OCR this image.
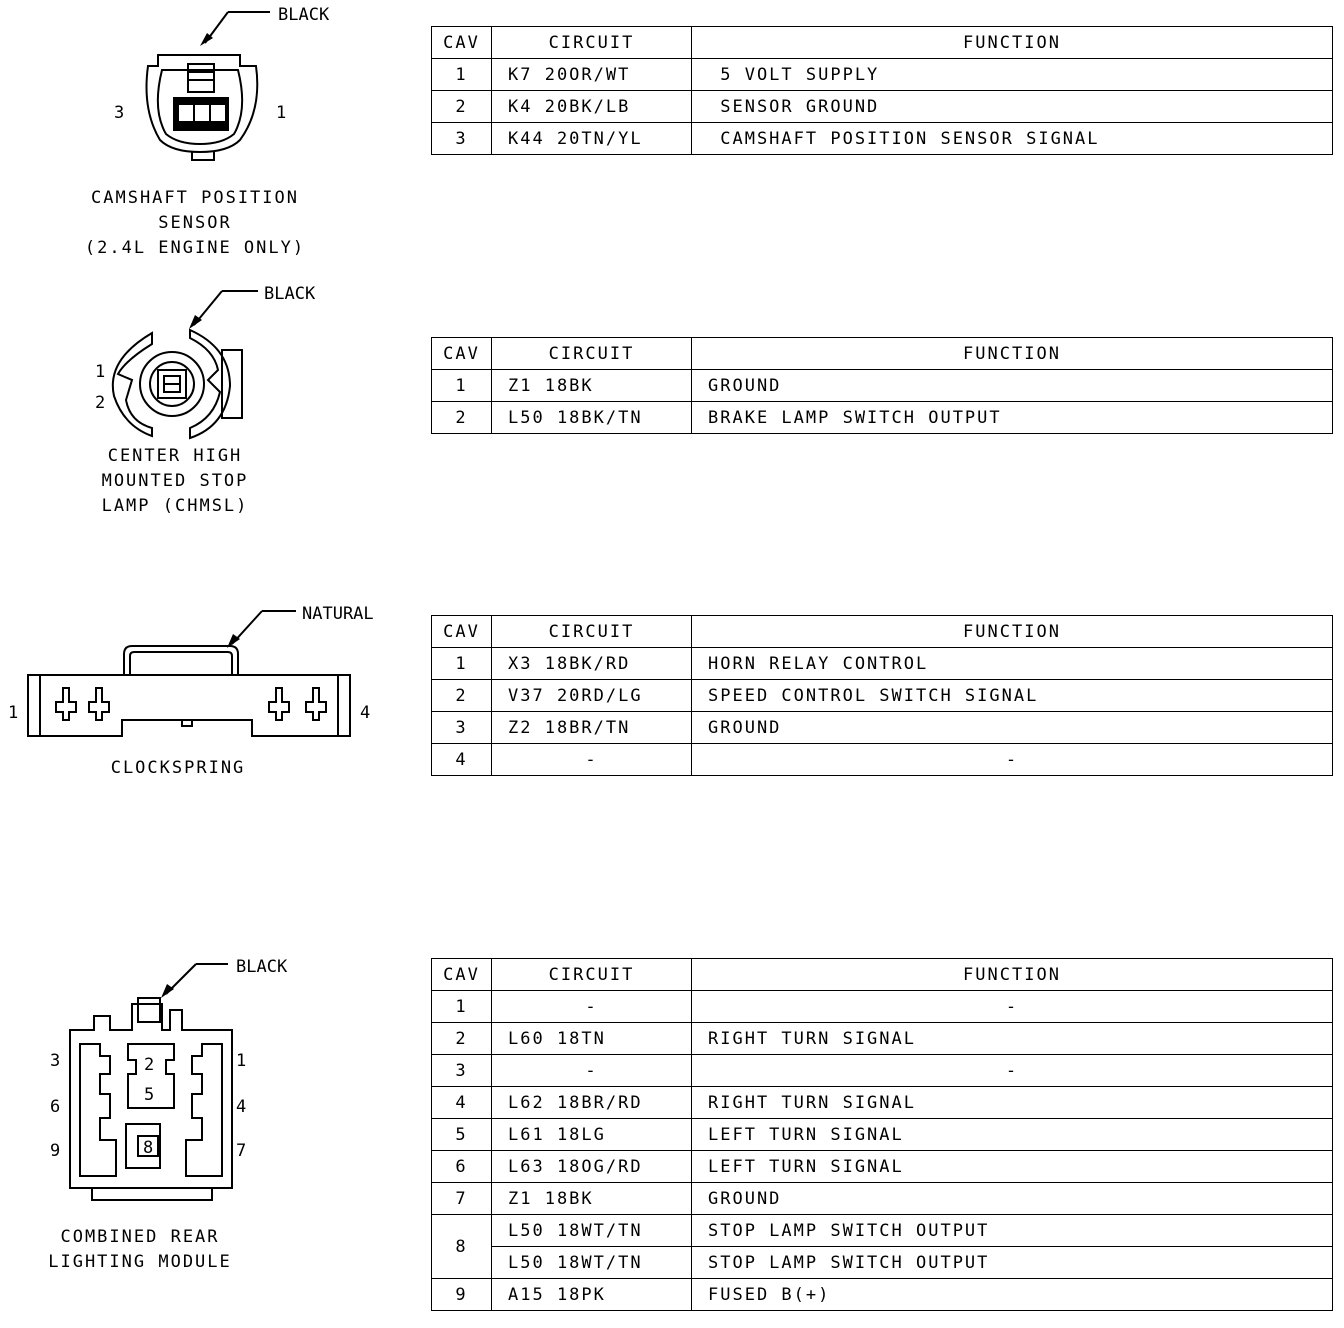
BLACK
3	1
BLACK
1
2
NATURAL
1	4
BLACK
3	1
6	4
9	7
2
5
8
CAMSHAFT POSITION
SENSOR
(2.4L ENGINE ONLY)
CENTER HIGH
MOUNTED STOP
LAMP (CHMSL)
CLOCKSPRING
COMBINED REAR
LIGHTING MODULE
CAV	CIRCUIT	FUNCTION
1	K7 20OR/WT	5 VOLT SUPPLY
2	K4 20BK/LB	SENSOR GROUND
3	K44 20TN/YL	CAMSHAFT POSITION SENSOR SIGNAL
CAV	CIRCUIT	FUNCTION
1	Z1 18BK	GROUND
2	L50 18BK/TN	BRAKE LAMP SWITCH OUTPUT
CAV	CIRCUIT	FUNCTION
1	X3 18BK/RD	HORN RELAY CONTROL
2	V37 20RD/LG	SPEED CONTROL SWITCH SIGNAL
3	Z2 18BR/TN	GROUND
4	-	-
CAV	CIRCUIT	FUNCTION
1	-	-
2	L60 18TN	RIGHT TURN SIGNAL
3	-	-
4	L62 18BR/RD	RIGHT TURN SIGNAL
5	L61 18LG	LEFT TURN SIGNAL
6	L63 18OG/RD	LEFT TURN SIGNAL
7	Z1 18BK	GROUND
8	L50 18WT/TN	STOP LAMP SWITCH OUTPUT
	L50 18WT/TN	STOP LAMP SWITCH OUTPUT
9	A15 18PK	FUSED B(+)
